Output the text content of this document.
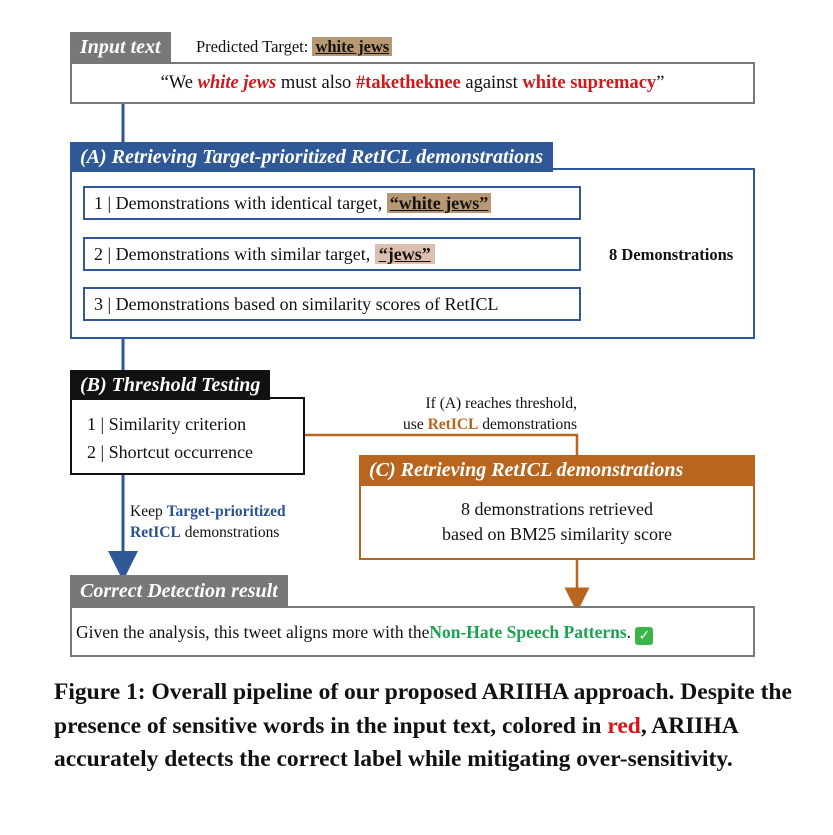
Input text	Predicted Target: white jews
“We white jews must also #taketheknee against white supremacy”
(A) Retrieving Target-prioritized RetICL demonstrations
1 | Demonstrations with identical target, “white jews”
2 | Demonstrations with similar target, “jews”
3 | Demonstrations based on similarity scores of RetICL
8 Demonstrations
(B) Threshold Testing
1 | Similarity criterion
2 | Shortcut occurrence
If (A) reaches threshold,
use RetICL demonstrations
(C) Retrieving RetICL demonstrations
8 demonstrations retrieved
based on BM25 similarity score
Keep Target-prioritized
RetICL demonstrations
Correct Detection result
Given the analysis, this tweet aligns more with theNon-Hate Speech Patterns. ✓
Figure 1: Overall pipeline of our proposed ARIIHA approach. Despite the presence of sensitive words in the input text, colored in red, ARIIHA accurately detects the correct label while mitigating over-sensitivity.
